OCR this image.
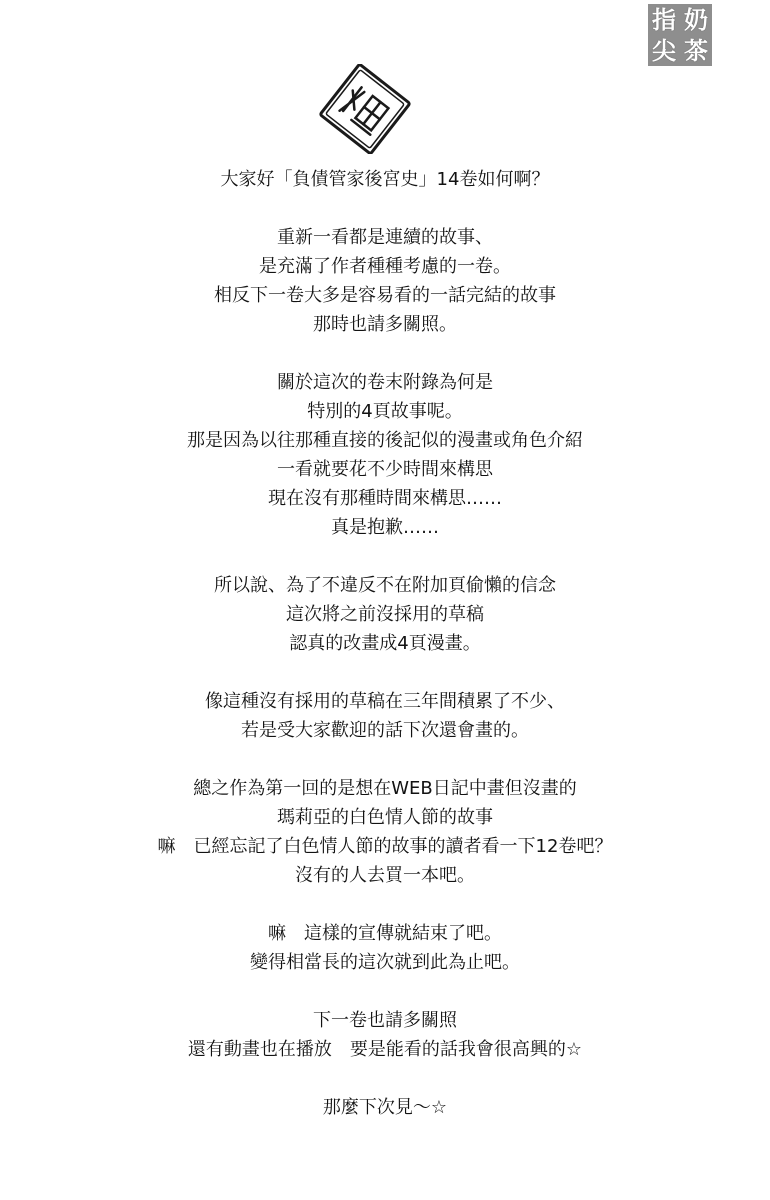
指 奶
尖 茶
大家好「負債管家後宮史」14卷如何啊？
重新一看都是連續的故事、
是充滿了作者種種考慮的一卷。
相反下一卷大多是容易看的一話完結的故事
那時也請多關照。
關於這次的卷末附錄為何是
特別的4頁故事呢。
那是因為以往那種直接的後記似的漫畫或角色介紹
一看就要花不少時間來構思
現在沒有那種時間來構思……
真是抱歉……
所以說、為了不違反不在附加頁偷懶的信念
這次將之前沒採用的草稿
認真的改畫成4頁漫畫。
像這種沒有採用的草稿在三年間積累了不少、
若是受大家歡迎的話下次還會畫的。
總之作為第一回的是想在WEB日記中畫但沒畫的
瑪莉亞的白色情人節的故事
嘛　已經忘記了白色情人節的故事的讀者看一下12卷吧？
沒有的人去買一本吧。
嘛　這樣的宣傳就結束了吧。
變得相當長的這次就到此為止吧。
下一卷也請多關照
還有動畫也在播放　要是能看的話我會很高興的☆
那麼下次見～☆
